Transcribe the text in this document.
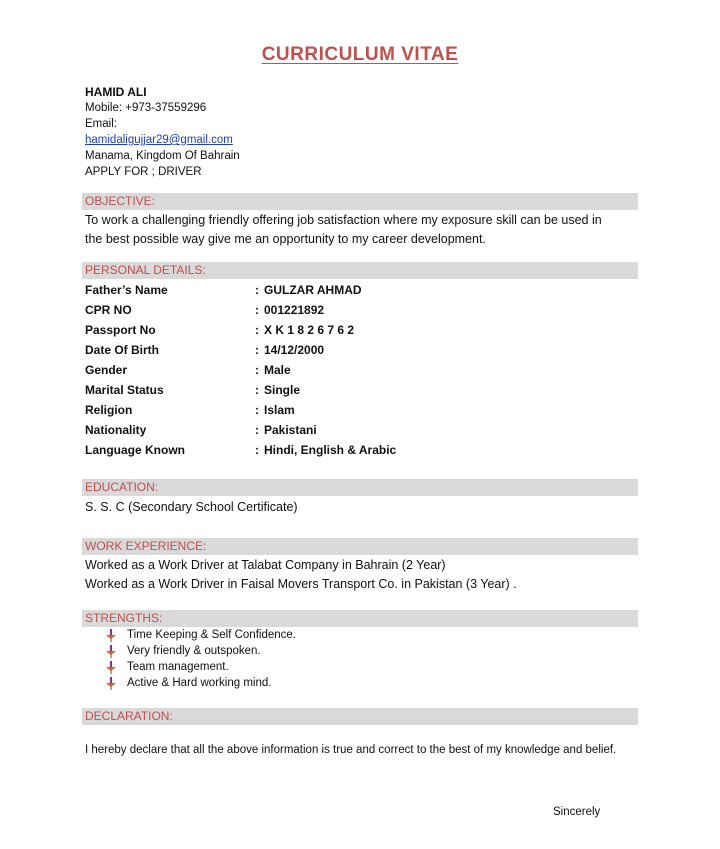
CURRICULUM VITAE
HAMID ALI
Mobile: +973-37559296
Email:
hamidaligujjar29@gmail.com
Manama, Kingdom Of Bahrain
APPLY FOR ; DRIVER
OBJECTIVE:
To work a challenging friendly offering job satisfaction where my exposure skill can be used in
the best possible way give me an opportunity to my career development.
PERSONAL DETAILS:
Father’s Name	: GULZAR AHMAD
CPR NO	: 001221892
Passport No	: X K 1 8 2 6 7 6 2
Date Of Birth	: 14/12/2000
Gender	: Male
Marital Status	: Single
Religion	: Islam
Nationality	: Pakistani
Language Known	: Hindi, English & Arabic
EDUCATION:
S. S. C (Secondary School Certificate)
WORK EXPERIENCE:
Worked as a Work Driver at Talabat Company in Bahrain (2 Year)
Worked as a Work Driver in Faisal Movers Transport Co. in Pakistan (3 Year) .
STRENGTHS:
Time Keeping & Self Confidence.
Very friendly & outspoken.
Team management.
Active & Hard working mind.
DECLARATION:
I hereby declare that all the above information is true and correct to the best of my knowledge and belief.
Sincerely
